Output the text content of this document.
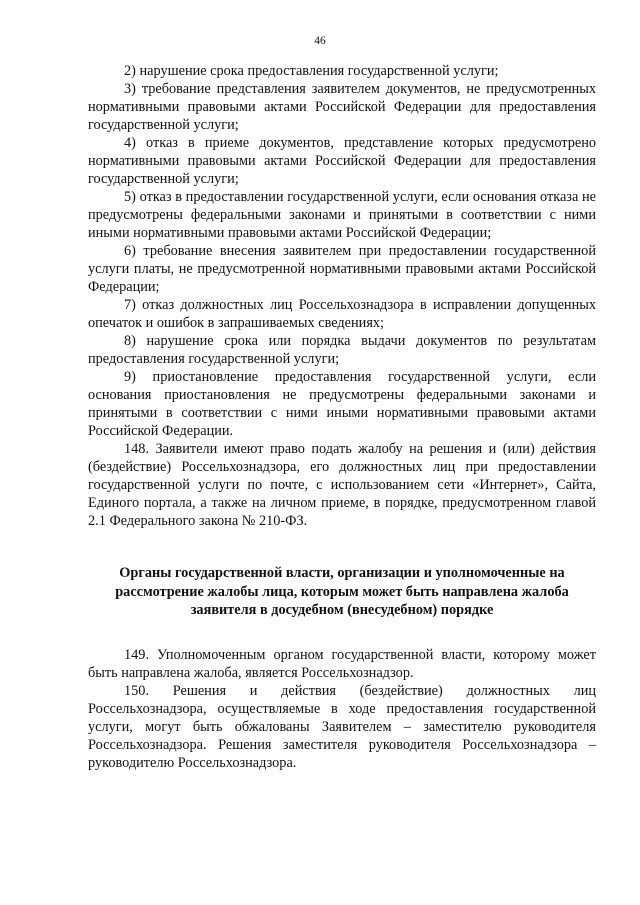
46

2) нарушение срока предоставления государственной услуги;

3) требование представления заявителем документов, не предусмотренных нормативными правовыми актами Российской Федерации для предоставления государственной услуги;

4) отказ в приеме документов, представление которых предусмотрено нормативными правовыми актами Российской Федерации для предоставления государственной услуги;

5) отказ в предоставлении государственной услуги, если основания отказа не предусмотрены федеральными законами и принятыми в соответствии с ними иными нормативными правовыми актами Российской Федерации;

6) требование внесения заявителем при предоставлении государственной услуги платы, не предусмотренной нормативными правовыми актами Российской Федерации;

7) отказ должностных лиц Россельхознадзора в исправлении допущенных опечаток и ошибок в запрашиваемых сведениях;

8) нарушение срока или порядка выдачи документов по результатам предоставления государственной услуги;

9) приостановление предоставления государственной услуги, если основания приостановления не предусмотрены федеральными законами и принятыми в соответствии с ними иными нормативными правовыми актами Российской Федерации.

148. Заявители имеют право подать жалобу на решения и (или) действия (бездействие) Россельхознадзора, его должностных лиц при предоставлении государственной услуги по почте, с использованием сети «Интернет», Сайта, Единого портала, а также на личном приеме, в порядке, предусмотренном главой 2.1 Федерального закона № 210-ФЗ.

Органы государственной власти, организации и уполномоченные на рассмотрение жалобы лица, которым может быть направлена жалоба заявителя в досудебном (внесудебном) порядке

149. Уполномоченным органом государственной власти, которому может быть направлена жалоба, является Россельхознадзор.

150. Решения и действия (бездействие) должностных лиц Россельхознадзора, осуществляемые в ходе предоставления государственной услуги, могут быть обжалованы Заявителем – заместителю руководителя Россельхознадзора. Решения заместителя руководителя Россельхознадзора – руководителю Россельхознадзора.
